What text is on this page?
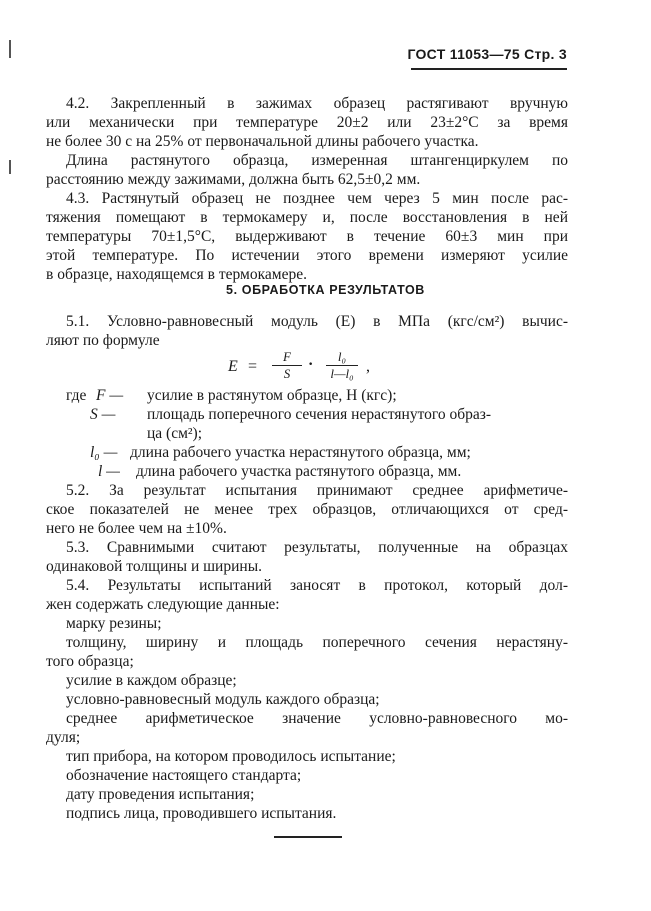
ГОСТ 11053—75 Стр. 3
4.2. Закрепленный в зажимах образец растягивают вручную
или механически при температуре 20±2 или 23±2°С за время
не более 30 с на 25% от первоначальной длины рабочего участка.
Длина растянутого образца, измеренная штангенциркулем по
расстоянию между зажимами, должна быть 62,5±0,2 мм.
4.3. Растянутый образец не позднее чем через 5 мин после рас-
тяжения помещают в термокамеру и, после восстановления в ней
температуры 70±1,5°С, выдерживают в течение 60±3 мин при
этой температуре. По истечении этого времени измеряют усилие
в образце, находящемся в термокамере.
5. ОБРАБОТКА РЕЗУЛЬТАТОВ
5.1. Условно-равновесный модуль (Е) в МПа (кгс/см²) вычис-
ляют по формуле
E =
F
S
·	l₀
l—l₀ ,
где F — усилие в растянутом образце, Н (кгс);
S — площадь поперечного сечения нерастянутого образ-
ца (см²);
l₀ — длина рабочего участка нерастянутого образца, мм;
l — длина рабочего участка растянутого образца, мм.
5.2. За результат испытания принимают среднее арифметиче-
ское показателей не менее трех образцов, отличающихся от сред-
него не более чем на ±10%.
5.3. Сравнимыми считают результаты, полученные на образцах
одинаковой толщины и ширины.
5.4. Результаты испытаний заносят в протокол, который дол-
жен содержать следующие данные:
марку резины;
толщину, ширину и площадь поперечного сечения нерастяну-
того образца;
усилие в каждом образце;
условно-равновесный модуль каждого образца;
среднее арифметическое значение условно-равновесного мо-
дуля;
тип прибора, на котором проводилось испытание;
обозначение настоящего стандарта;
дату проведения испытания;
подпись лица, проводившего испытания.
